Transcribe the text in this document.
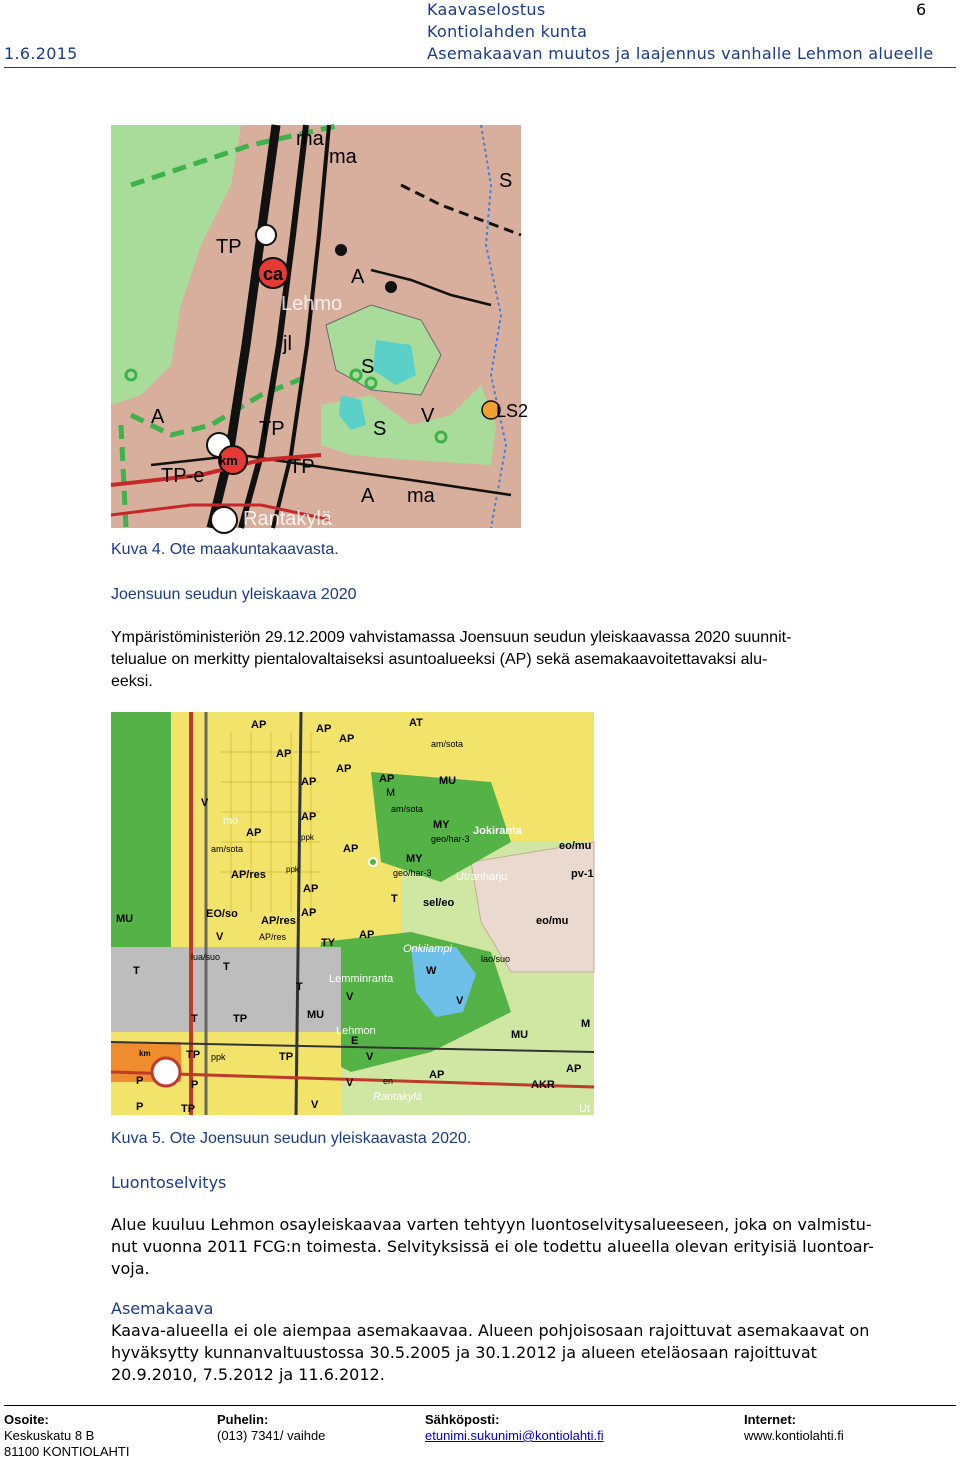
Kaavaselostus	6
Kontiolahden kunta
1.6.2015	Asemakaavan muutos ja laajennus vanhalle Lehmon alueelle
ma
ma
S
TP
ca	A
Lehmo
jl
S
V	LS2
A
TP	S
km	TP
TP-e
A ma
Rantakylä
Kuva 4. Ote maakuntakaavasta.
Joensuun seudun yleiskaava 2020
Ympäristöministeriön 29.12.2009 vahvistamassa Joensuun seudun yleiskaavassa 2020 suunnit-
telualue on merkitty pientalovaltaiseksi asuntoalueeksi (AP) sekä asemakaavoitettavaksi alu-
eeksi.
AP	AP	AT
AP
AP
AP
am/sota
AP	AP	MU
V
AP
M
am/sota
MY Jokiranta
mo
AP	ppk	geo/har-3
eo/mu
am/sota	AP
MY
geo/har-3 Utranharju	pv-1
AP/res	ppk
AP
EO/so
T sel/eo
eo/mu
AP/res
AP
MU
V	AP/res	TY
AP
Onkilampi
lua/suo
T
lao/suo
Lemminranta
V
W
T
T
V
T	TP	MU
Lehmon
M
E	MU
km	TP ppk	TP	V
P	P
AP
AKR
P	TP
en
V
AP
Rantakylä
V	Ut
Kuva 5. Ote Joensuun seudun yleiskaavasta 2020.
Luontoselvitys
Alue kuuluu Lehmon osayleiskaavaa varten tehtyyn luontoselvitysalueeseen, joka on valmistu-
nut vuonna 2011 FCG:n toimesta. Selvityksissä ei ole todettu alueella olevan erityisiä luontoar-
voja.
Asemakaava
Kaava-alueella ei ole aiempaa asemakaavaa. Alueen pohjoisosaan rajoittuvat asemakaavat on
hyväksytty kunnanvaltuustossa 30.5.2005 ja 30.1.2012 ja alueen eteläosaan rajoittuvat
20.9.2010, 7.5.2012 ja 11.6.2012.
Osoite:
Keskuskatu 8 B
81100 KONTIOLAHTI
Puhelin:
(013) 7341/ vaihde
Sähköposti:
etunimi.sukunimi@kontiolahti.fi
Internet:
www.kontiolahti.fi
